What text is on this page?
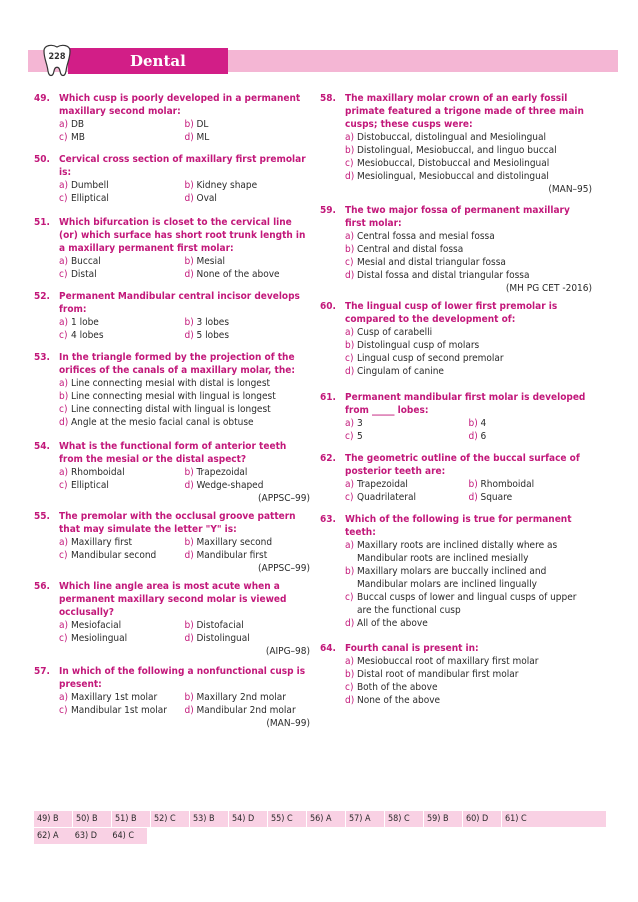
Dental Pulse
228
49. Which cusp is poorly developed in a permanent maxillary second molar:
a) DB	b) DL
c) MB	d) ML
50. Cervical cross section of maxillary first premolar is:
a) Dumbell	b) Kidney shape
c) Elliptical	d) Oval
51. Which bifurcation is closet to the cervical line (or) which surface has short root trunk length in a maxillary permanent first molar:
a) Buccal	b) Mesial
c) Distal	d) None of the above
52. Permanent Mandibular central incisor develops from:
a) 1 lobe	b) 3 lobes
c) 4 lobes	d) 5 lobes
53. In the triangle formed by the projection of the orifices of the canals of a maxillary molar, the:
a) Line connecting mesial with distal is longest
b) Line connecting mesial with lingual is longest
c) Line connecting distal with lingual is longest
d) Angle at the mesio facial canal is obtuse
54. What is the functional form of anterior teeth from the mesial or the distal aspect?
a) Rhomboidal	b) Trapezoidal
c) Elliptical	d) Wedge-shaped
(APPSC–99)
55. The premolar with the occlusal groove pattern that may simulate the letter "Y" is:
a) Maxillary first	b) Maxillary second
c) Mandibular second	d) Mandibular first
(APPSC–99)
56. Which line angle area is most acute when a permanent maxillary second molar is viewed occlusally?
a) Mesiofacial	b) Distofacial
c) Mesiolingual	d) Distolingual
(AIPG–98)
57. In which of the following a nonfunctional cusp is present:
a) Maxillary 1st molar	b) Maxillary 2nd molar
c) Mandibular 1st molar	d) Mandibular 2nd molar
(MAN–99)
58. The maxillary molar crown of an early fossil primate featured a trigone made of three main cusps; these cusps were:
a) Distobuccal, distolingual and Mesiolingual
b) Distolingual, Mesiobuccal, and linguo buccal
c) Mesiobuccal, Distobuccal and Mesiolingual
d) Mesiolingual, Mesiobuccal and distolingual
(MAN–95)
59. The two major fossa of permanent maxillary first molar:
a) Central fossa and mesial fossa
b) Central and distal fossa
c) Mesial and distal triangular fossa
d) Distal fossa and distal triangular fossa
(MH PG CET -2016)
60. The lingual cusp of lower first premolar is compared to the development of:
a) Cusp of carabelli
b) Distolingual cusp of molars
c) Lingual cusp of second premolar
d) Cingulam of canine
61. Permanent mandibular first molar is developed from _____ lobes:
a) 3	b) 4
c) 5	d) 6
62. The geometric outline of the buccal surface of posterior teeth are:
a) Trapezoidal	b) Rhomboidal
c) Quadrilateral	d) Square
63. Which of the following is true for permanent teeth:
a) Maxillary roots are inclined distally where as Mandibular roots are inclined mesially
b) Maxillary molars are buccally inclined and Mandibular molars are inclined lingually
c) Buccal cusps of lower and lingual cusps of upper are the functional cusp
d) All of the above
64. Fourth canal is present in:
a) Mesiobuccal root of maxillary first molar
b) Distal root of mandibular first molar
c) Both of the above
d) None of the above
49) B	50) B	51) B	52) C	53) B	54) D	55) C	56) A	57) A	58) C	59) B	60) D	61) C
62) A	63) D	64) C
